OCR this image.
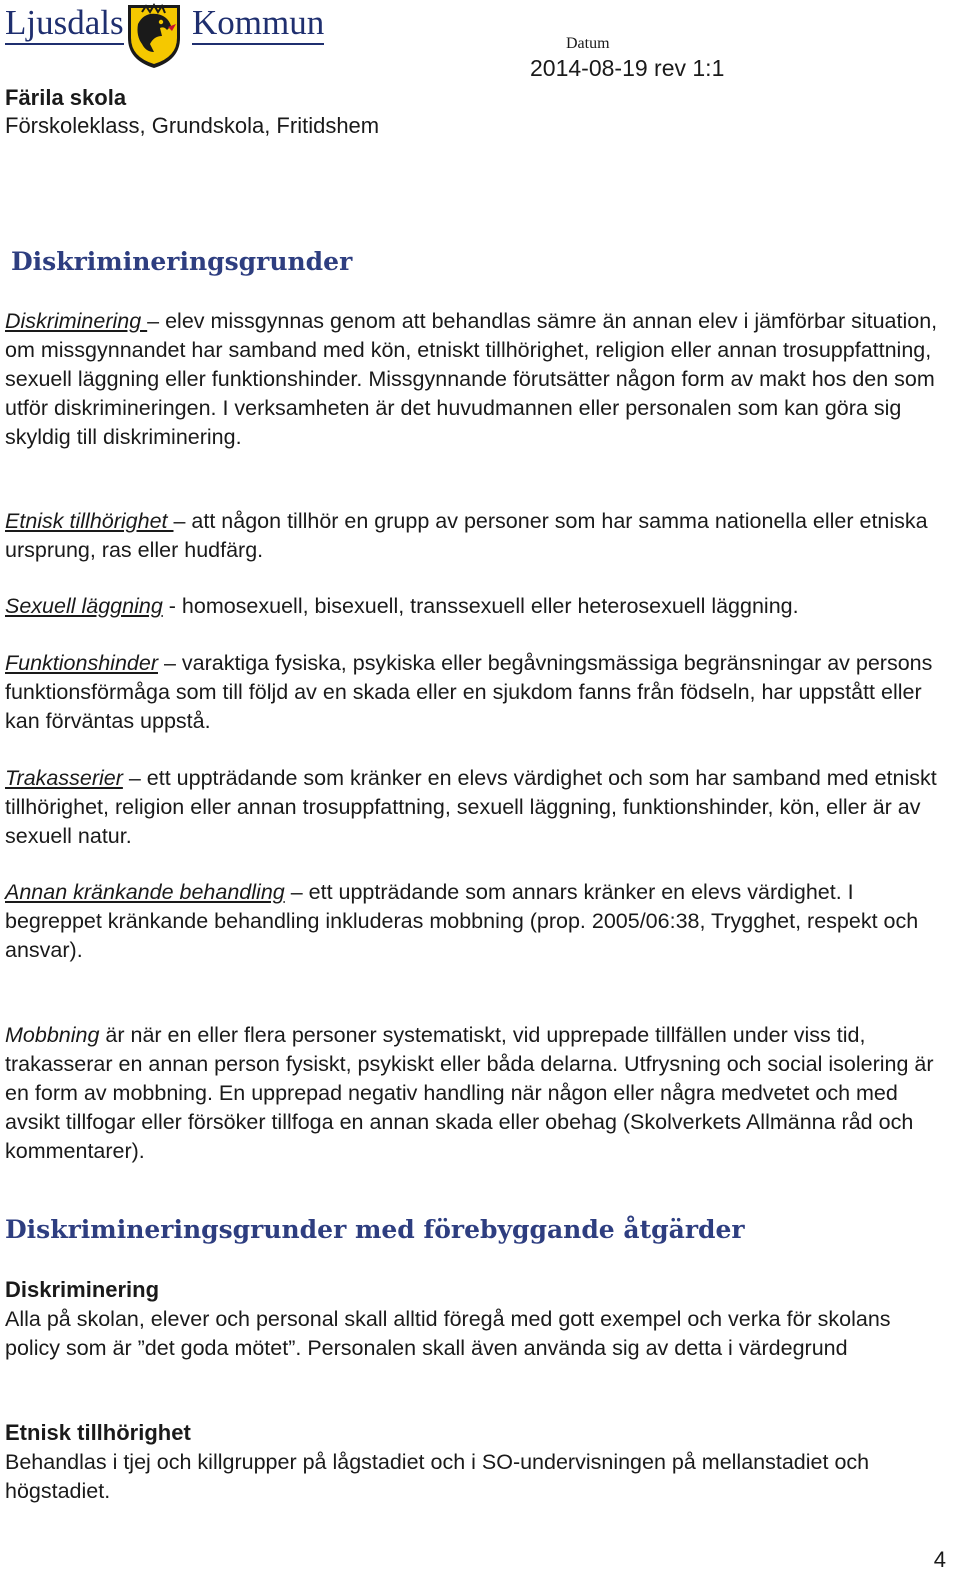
Ljusdals Kommun
Datum
2014-08-19 rev 1:1
Färila skola
Förskoleklass, Grundskola, Fritidshem
Diskrimineringsgrunder

Diskriminering – elev missgynnas genom att behandlas sämre än annan elev i jämförbar situation, om missgynnandet har samband med kön, etniskt tillhörighet, religion eller annan trosuppfattning, sexuell läggning eller funktionshinder. Missgynnande förutsätter någon form av makt hos den som utför diskrimineringen. I verksamheten är det huvudmannen eller personalen som kan göra sig skyldig till diskriminering.

Etnisk tillhörighet – att någon tillhör en grupp av personer som har samma nationella eller etniska ursprung, ras eller hudfärg.

Sexuell läggning - homosexuell, bisexuell, transsexuell eller heterosexuell läggning.

Funktionshinder – varaktiga fysiska, psykiska eller begåvningsmässiga begränsningar av persons funktionsförmåga som till följd av en skada eller en sjukdom fanns från födseln, har uppstått eller kan förväntas uppstå.

Trakasserier – ett uppträdande som kränker en elevs värdighet och som har samband med etniskt tillhörighet, religion eller annan trosuppfattning, sexuell läggning, funktionshinder, kön, eller är av sexuell natur.

Annan kränkande behandling – ett uppträdande som annars kränker en elevs värdighet. I begreppet kränkande behandling inkluderas mobbning (prop. 2005/06:38, Trygghet, respekt och ansvar).

Mobbning är när en eller flera personer systematiskt, vid upprepade tillfällen under viss tid, trakasserar en annan person fysiskt, psykiskt eller båda delarna. Utfrysning och social isolering är en form av mobbning. En upprepad negativ handling när någon eller några medvetet och med avsikt tillfogar eller försöker tillfoga en annan skada eller obehag (Skolverkets Allmänna råd och kommentarer).

Diskrimineringsgrunder med förebyggande åtgärder
Diskriminering

Alla på skolan, elever och personal skall alltid föregå med gott exempel och verka för skolans policy som är ”det goda mötet”. Personalen skall även använda sig av detta i värdegrund

Etnisk tillhörighet

Behandlas i tjej och killgrupper på lågstadiet och i SO-undervisningen på mellanstadiet och högstadiet.

4
